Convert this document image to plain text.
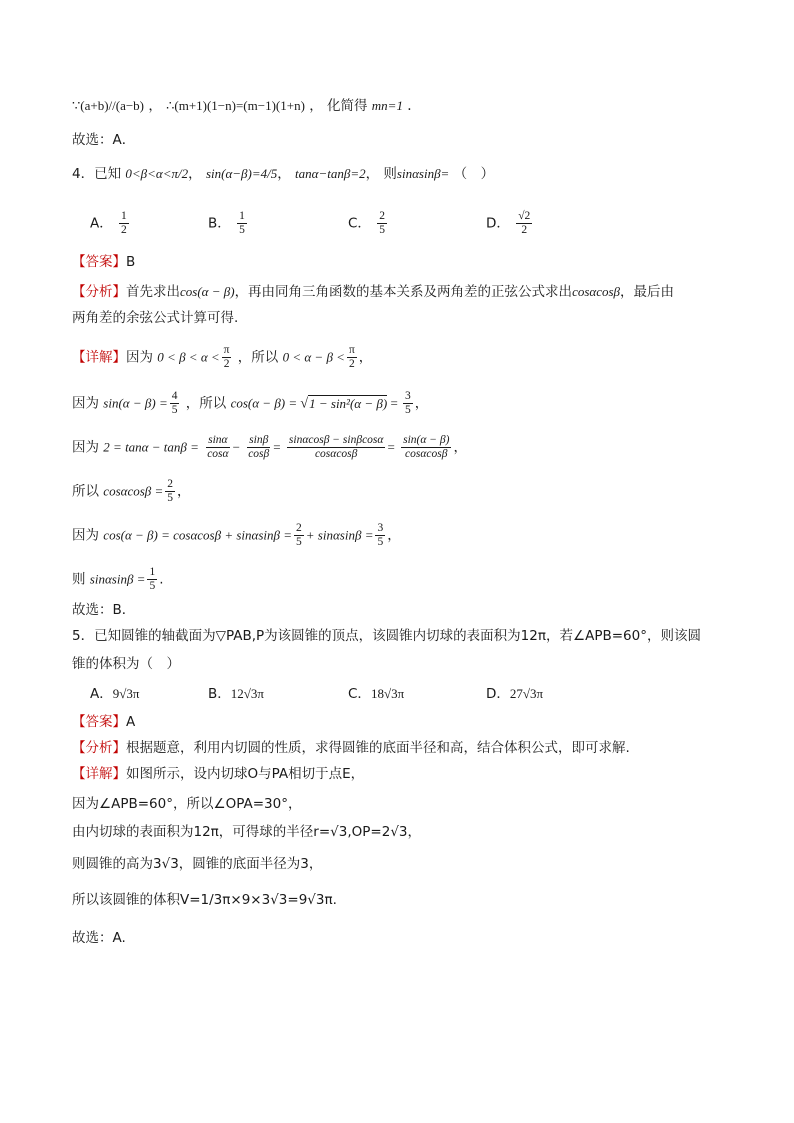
∵(a+b)//(a−b) ， ∴(m+1)(1−n)=(m−1)(1+n) ， 化简得 mn=1 .
故选：A．
4．已知 0<β<α<π/2， sin(α−β)=4/5， tanα−tanβ=2， 则sinαsinβ= （　）
A． $\frac{1}{2}$	B． $\frac{1}{5}$	C． $\frac{2}{5}$	D． $\frac{√2}{2}$
【答案】B
【分析】首先求出cos(α − β)，再由同角三角函数的基本关系及两角差的正弦公式求出cosαcosβ，最后由
两角差的余弦公式计算可得.
【详解】因为 $0 < \beta < \alpha < \frac{\pi}{2}$ ，所以 $0 < \alpha - \beta < \frac{\pi}{2}$ ，
因为 $\sin(\alpha - \beta) = \frac{4}{5}$ ，所以 $\cos(\alpha - \beta) = √1 - \sin^2(\alpha - \beta) = \frac{3}{5}$ ，
因为 $2 = \tan\alpha - \tan\beta = \frac{\sin\alpha}{\cos\alpha} - \frac{\sin\beta}{\cos\beta} = \frac{\sin\alpha\cos\beta - \sin\beta\cos\alpha}{\cos\alpha\cos\beta} = \frac{\sin(\alpha - \beta)}{\cos\alpha\cos\beta}$ ，
所以 $\cos\alpha\cos\beta = \frac{2}{5}$ ，
因为 $\cos(\alpha - \beta) = \cos\alpha\cos\beta + \sin\alpha\sin\beta = \frac{2}{5} + \sin\alpha\sin\beta = \frac{3}{5}$ ，
则 $\sin\alpha\sin\beta = \frac{1}{5}$ .
故选：B．
5．已知圆锥的轴截面为▽PAB,P为该圆锥的顶点，该圆锥内切球的表面积为12π，若∠APB=60°，则该圆
锥的体积为（　）
A．9√3π	B．12√3π	C．18√3π	D．27√3π
【答案】A
【分析】根据题意，利用内切圆的性质，求得圆锥的底面半径和高，结合体积公式，即可求解.
【详解】如图所示，设内切球O与PA相切于点E，
因为∠APB=60°，所以∠OPA=30°，
由内切球的表面积为12π，可得球的半径r=√3,OP=2√3，
则圆锥的高为3√3，圆锥的底面半径为3，
所以该圆锥的体积V=1/3π×9×3√3=9√3π.
故选：A.
